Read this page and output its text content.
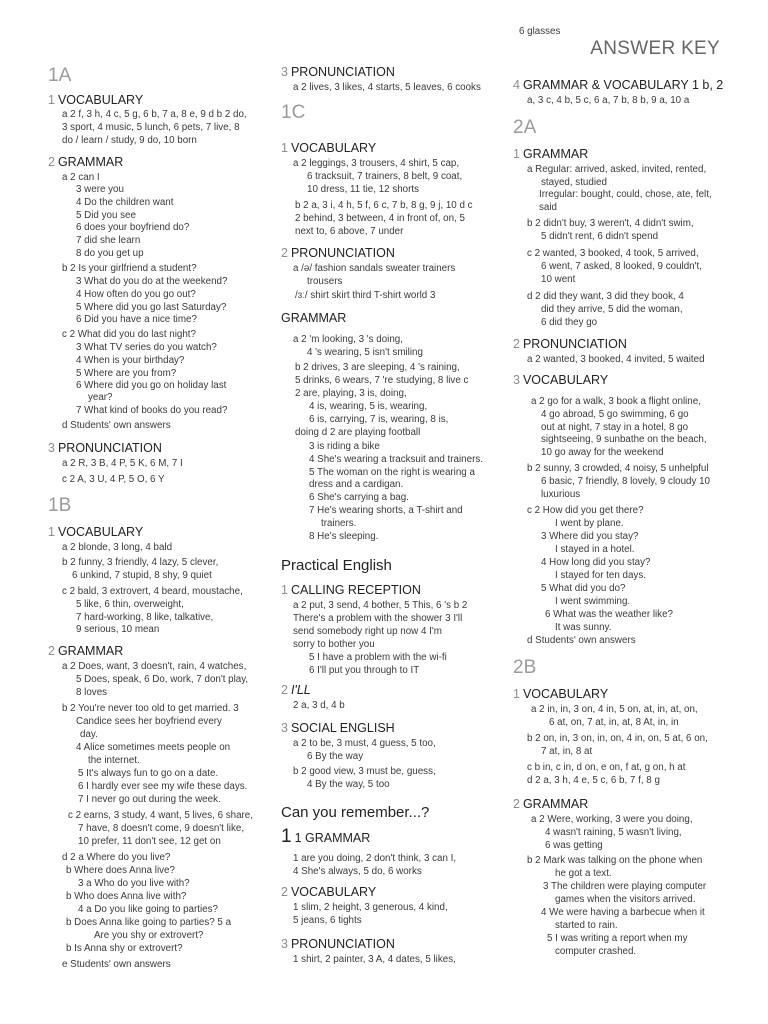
6 glasses
ANSWER KEY
1A
1 VOCABULARY
a 2 f, 3 h, 4 c, 5 g, 6 b, 7 a, 8 e, 9 d b 2 do,
3 sport, 4 music, 5 lunch, 6 pets, 7 live, 8
do / learn / study, 9 do, 10 born
2 GRAMMAR
a 2 can I
3 were you
4 Do the children want
5 Did you see
6 does your boyfriend do?
7 did she learn
8 do you get up
b 2 Is your girlfriend a student?
3 What do you do at the weekend?
4 How often do you go out?
5 Where did you go last Saturday?
6 Did you have a nice time?
c 2 What did you do last night?
3 What TV series do you watch?
4 When is your birthday?
5 Where are you from?
6 Where did you go on holiday last
year?
7 What kind of books do you read?
d Students' own answers
3 PRONUNCIATION
a 2 R, 3 B, 4 P, 5 K, 6 M, 7 I
c 2 A, 3 U, 4 P, 5 O, 6 Y
1B
1 VOCABULARY
a 2 blonde, 3 long, 4 bald
b 2 funny, 3 friendly, 4 lazy, 5 clever,
6 unkind, 7 stupid, 8 shy, 9 quiet
c 2 bald, 3 extrovert, 4 beard, moustache,
5 like, 6 thin, overweight,
7 hard-working, 8 like, talkative,
9 serious, 10 mean
2 GRAMMAR
a 2 Does, want, 3 doesn't, rain, 4 watches,
5 Does, speak, 6 Do, work, 7 don't play,
8 loves
b 2 You're never too old to get married. 3
Candice sees her boyfriend every
day.
4 Alice sometimes meets people on
the internet.
5 It's always fun to go on a date.
6 I hardly ever see my wife these days.
7 I never go out during the week.
c 2 earns, 3 study, 4 want, 5 lives, 6 share,
7 have, 8 doesn't come, 9 doesn't like,
10 prefer, 11 don't see, 12 get on
d 2 a Where do you live?
b Where does Anna live?
3 a Who do you live with?
b Who does Anna live with?
4 a Do you like going to parties?
b Does Anna like going to parties? 5 a
Are you shy or extrovert?
b Is Anna shy or extrovert?
e Students' own answers
3 PRONUNCIATION
a 2 lives, 3 likes, 4 starts, 5 leaves, 6 cooks
1C
1 VOCABULARY
a 2 leggings, 3 trousers, 4 shirt, 5 cap,
6 tracksuit, 7 trainers, 8 belt, 9 coat,
10 dress, 11 tie, 12 shorts
b 2 a, 3 i, 4 h, 5 f, 6 c, 7 b, 8 g, 9 j, 10 d c
2 behind, 3 between, 4 in front of, on, 5
next to, 6 above, 7 under
2 PRONUNCIATION
a /ə/ fashion sandals sweater trainers
trousers
/ɜː/ shirt skirt third T-shirt world 3
GRAMMAR
a 2 'm looking, 3 's doing,
4 's wearing, 5 isn't smiling
b 2 drives, 3 are sleeping, 4 's raining,
5 drinks, 6 wears, 7 're studying, 8 live c
2 are, playing, 3 is, doing,
4 is, wearing, 5 is, wearing,
6 is, carrying, 7 is, wearing, 8 is,
doing d 2 are playing football
3 is riding a bike
4 She's wearing a tracksuit and trainers.
5 The woman on the right is wearing a
dress and a cardigan.
6 She's carrying a bag.
7 He's wearing shorts, a T-shirt and
trainers.
8 He's sleeping.
Practical English
1 CALLING RECEPTION
a 2 put, 3 send, 4 bother, 5 This, 6 's b 2
There's a problem with the shower 3 I'll
send somebody right up now 4 I'm
sorry to bother you
5 I have a problem with the wi-fi
6 I'll put you through to IT
2 I'LL
2 a, 3 d, 4 b
3 SOCIAL ENGLISH
a 2 to be, 3 must, 4 guess, 5 too,
6 By the way
b 2 good view, 3 must be, guess,
4 By the way, 5 too
Can you remember...?
1 1 GRAMMAR
1 are you doing, 2 don't think, 3 can I,
4 She's always, 5 do, 6 works
2 VOCABULARY
1 slim, 2 height, 3 generous, 4 kind,
5 jeans, 6 tights
3 PRONUNCIATION
1 shirt, 2 painter, 3 A, 4 dates, 5 likes,
4 GRAMMAR & VOCABULARY 1 b, 2
a, 3 c, 4 b, 5 c, 6 a, 7 b, 8 b, 9 a, 10 a
2A
1 GRAMMAR
a Regular: arrived, asked, invited, rented,
stayed, studied
Irregular: bought, could, chose, ate, felt,
said
b 2 didn't buy, 3 weren't, 4 didn't swim,
5 didn't rent, 6 didn't spend
c 2 wanted, 3 booked, 4 took, 5 arrived,
6 went, 7 asked, 8 looked, 9 couldn't,
10 went
d 2 did they want, 3 did they book, 4
did they arrive, 5 did the woman,
6 did they go
2 PRONUNCIATION
a 2 wanted, 3 booked, 4 invited, 5 waited
3 VOCABULARY
a 2 go for a walk, 3 book a flight online,
4 go abroad, 5 go swimming, 6 go
out at night, 7 stay in a hotel, 8 go
sightseeing, 9 sunbathe on the beach,
10 go away for the weekend
b 2 sunny, 3 crowded, 4 noisy, 5 unhelpful
6 basic, 7 friendly, 8 lovely, 9 cloudy 10
luxurious
c 2 How did you get there?
I went by plane.
3 Where did you stay?
I stayed in a hotel.
4 How long did you stay?
I stayed for ten days.
5 What did you do?
I went swimming.
6 What was the weather like?
It was sunny.
d Students' own answers
2B
1 VOCABULARY
a 2 in, in, 3 on, 4 in, 5 on, at, in, at, on,
6 at, on, 7 at, in, at, 8 At, in, in
b 2 on, in, 3 on, in, on, 4 in, on, 5 at, 6 on,
7 at, in, 8 at
c b in, c in, d on, e on, f at, g on, h at
d 2 a, 3 h, 4 e, 5 c, 6 b, 7 f, 8 g
2 GRAMMAR
a 2 Were, working, 3 were you doing,
4 wasn't raining, 5 wasn't living,
6 was getting
b 2 Mark was talking on the phone when
he got a text.
3 The children were playing computer
games when the visitors arrived.
4 We were having a barbecue when it
started to rain.
5 I was writing a report when my
computer crashed.
